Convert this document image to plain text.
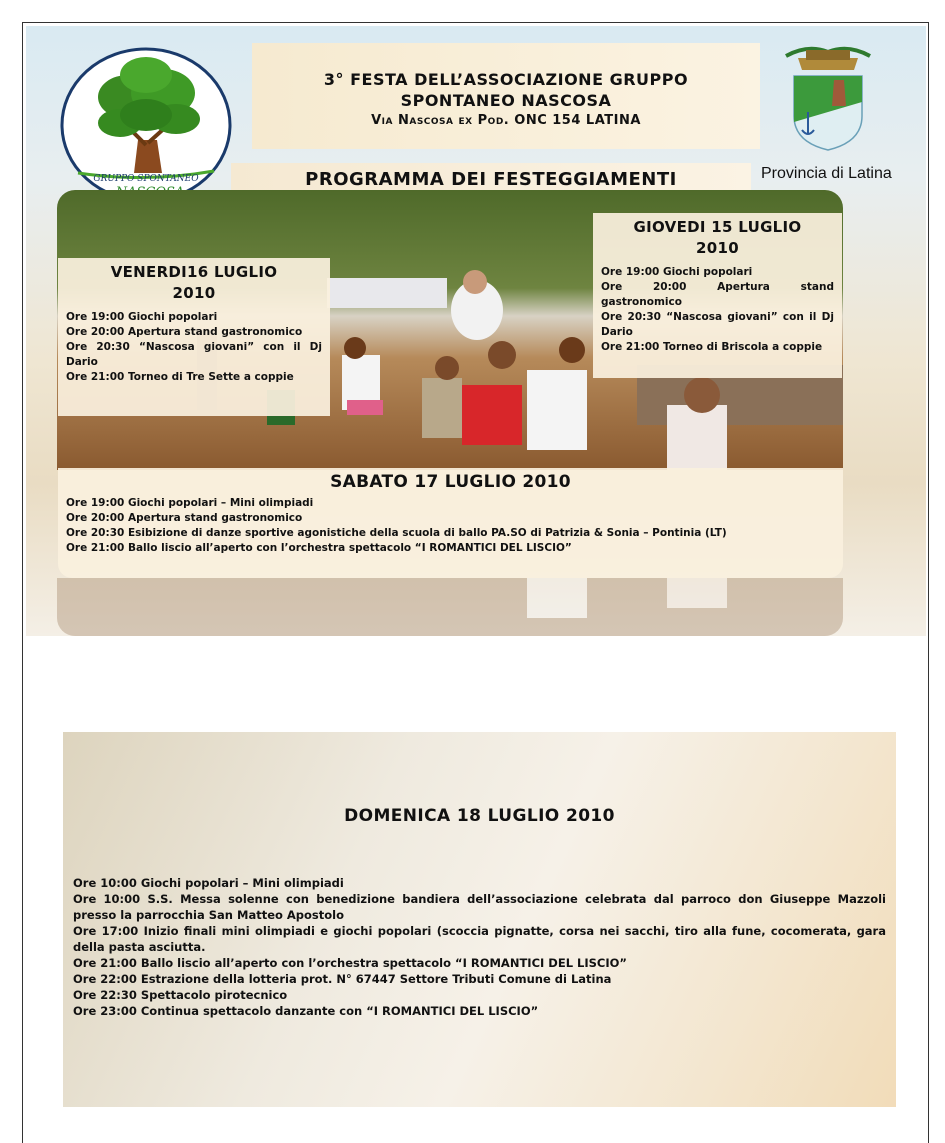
GRUPPO SPONTANEO
3° FESTA DELL’ASSOCIAZIONE GRUPPO
SPONTANEO NASCOSA
Via Nascosa ex Pod. ONC 154 LATINA
Provincia di Latina
PROGRAMMA DEI FESTEGGIAMENTI
VENERDI16 LUGLIO
2010
Ore 19:00 Giochi popolari
Ore 20:00 Apertura stand gastronomico
Ore 20:30 “Nascosa giovani” con il Dj Dario
Ore 21:00 Torneo di Tre Sette a coppie
GIOVEDI 15 LUGLIO
2010
Ore 19:00 Giochi popolari
Ore 20:00 Apertura stand gastronomico
Ore 20:30 “Nascosa giovani” con il Dj Dario
Ore 21:00 Torneo di Briscola a coppie
SABATO 17 LUGLIO 2010
Ore 19:00 Giochi popolari – Mini olimpiadi
Ore 20:00 Apertura stand gastronomico
Ore 20:30 Esibizione di danze sportive agonistiche della scuola di ballo PA.SO di Patrizia & Sonia – Pontinia (LT)
Ore 21:00 Ballo liscio all’aperto con l’orchestra spettacolo “I ROMANTICI DEL LISCIO”
DOMENICA 18 LUGLIO 2010
Ore 10:00 Giochi popolari – Mini olimpiadi
Ore 10:00 S.S. Messa solenne con benedizione bandiera dell’associazione celebrata dal parroco don Giuseppe Mazzoli presso la parrocchia San Matteo Apostolo
Ore 17:00 Inizio finali mini olimpiadi e giochi popolari (scoccia pignatte, corsa nei sacchi, tiro alla fune, cocomerata, gara della pasta asciutta.
Ore 21:00 Ballo liscio all’aperto con l’orchestra spettacolo “I ROMANTICI DEL LISCIO”
Ore 22:00 Estrazione della lotteria prot. N° 67447 Settore Tributi Comune di Latina
Ore 22:30 Spettacolo pirotecnico
Ore 23:00 Continua spettacolo danzante con “I ROMANTICI DEL LISCIO”
